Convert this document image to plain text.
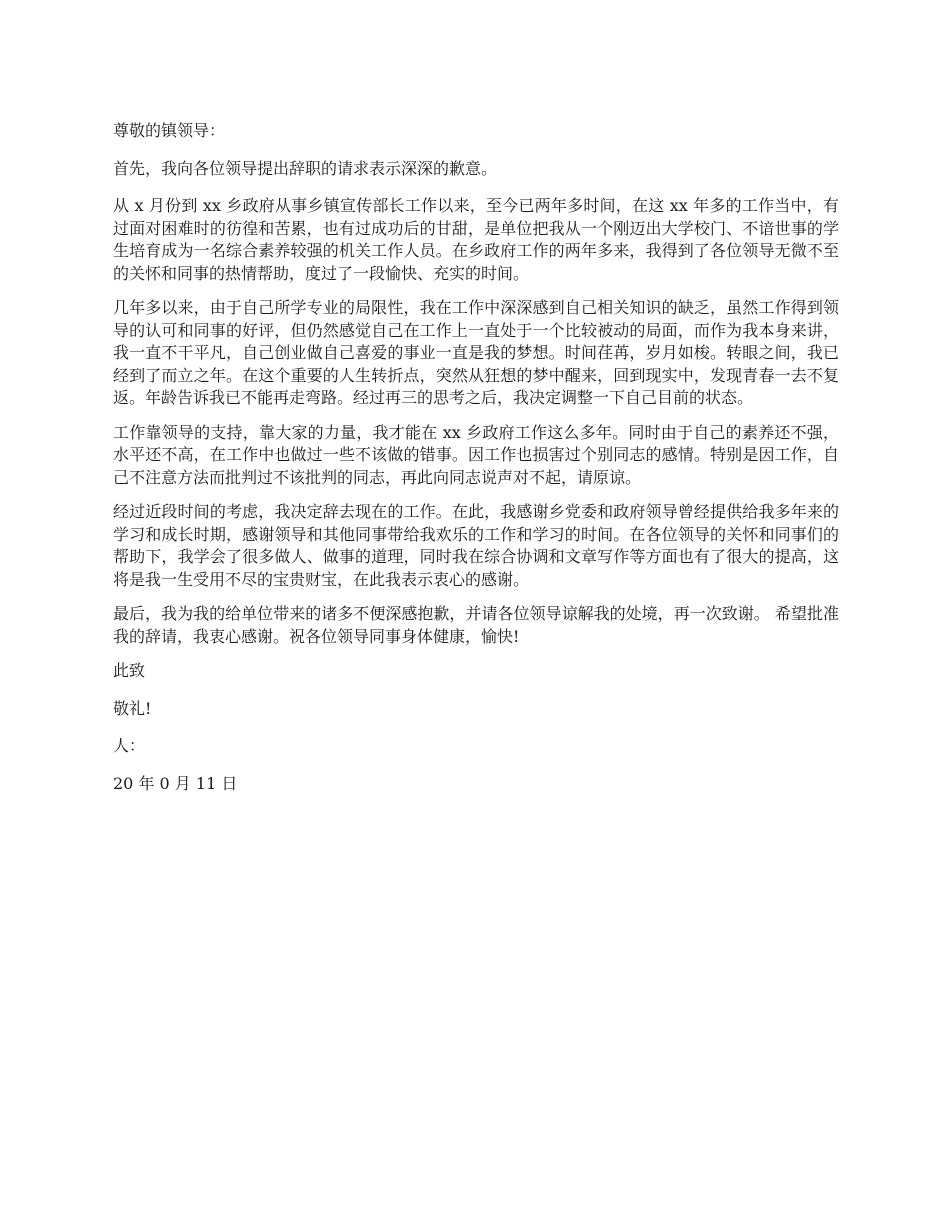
尊敬的镇领导：

首先，我向各位领导提出辞职的请求表示深深的歉意。

从 x 月份到 xx 乡政府从事乡镇宣传部长工作以来，至今已两年多时间，在这 xx 年多的工作当中，有过面对困难时的彷徨和苦累，也有过成功后的甘甜，是单位把我从一个刚迈出大学校门、不谙世事的学生培育成为一名综合素养较强的机关工作人员。在乡政府工作的两年多来，我得到了各位领导无微不至的关怀和同事的热情帮助，度过了一段愉快、充实的时间。

几年多以来，由于自己所学专业的局限性，我在工作中深深感到自己相关知识的缺乏，虽然工作得到领导的认可和同事的好评，但仍然感觉自己在工作上一直处于一个比较被动的局面，而作为我本身来讲，我一直不干平凡，自己创业做自己喜爱的事业一直是我的梦想。时间荏苒，岁月如梭。转眼之间，我已经到了而立之年。在这个重要的人生转折点，突然从狂想的梦中醒来，回到现实中，发现青春一去不复返。年龄告诉我已不能再走弯路。经过再三的思考之后，我决定调整一下自己目前的状态。

工作靠领导的支持，靠大家的力量，我才能在 xx 乡政府工作这么多年。同时由于自己的素养还不强，水平还不高，在工作中也做过一些不该做的错事。因工作也损害过个别同志的感情。特别是因工作，自己不注意方法而批判过不该批判的同志，再此向同志说声对不起，请原谅。

经过近段时间的考虑，我决定辞去现在的工作。在此，我感谢乡党委和政府领导曾经提供给我多年来的学习和成长时期，感谢领导和其他同事带给我欢乐的工作和学习的时间。在各位领导的关怀和同事们的帮助下，我学会了很多做人、做事的道理，同时我在综合协调和文章写作等方面也有了很大的提高，这将是我一生受用不尽的宝贵财宝，在此我表示衷心的感谢。

最后，我为我的给单位带来的诸多不便深感抱歉，并请各位领导谅解我的处境，再一次致谢。 希望批准我的辞请，我衷心感谢。祝各位领导同事身体健康，愉快!

此致

敬礼!

人：

20 年 0 月 11 日
